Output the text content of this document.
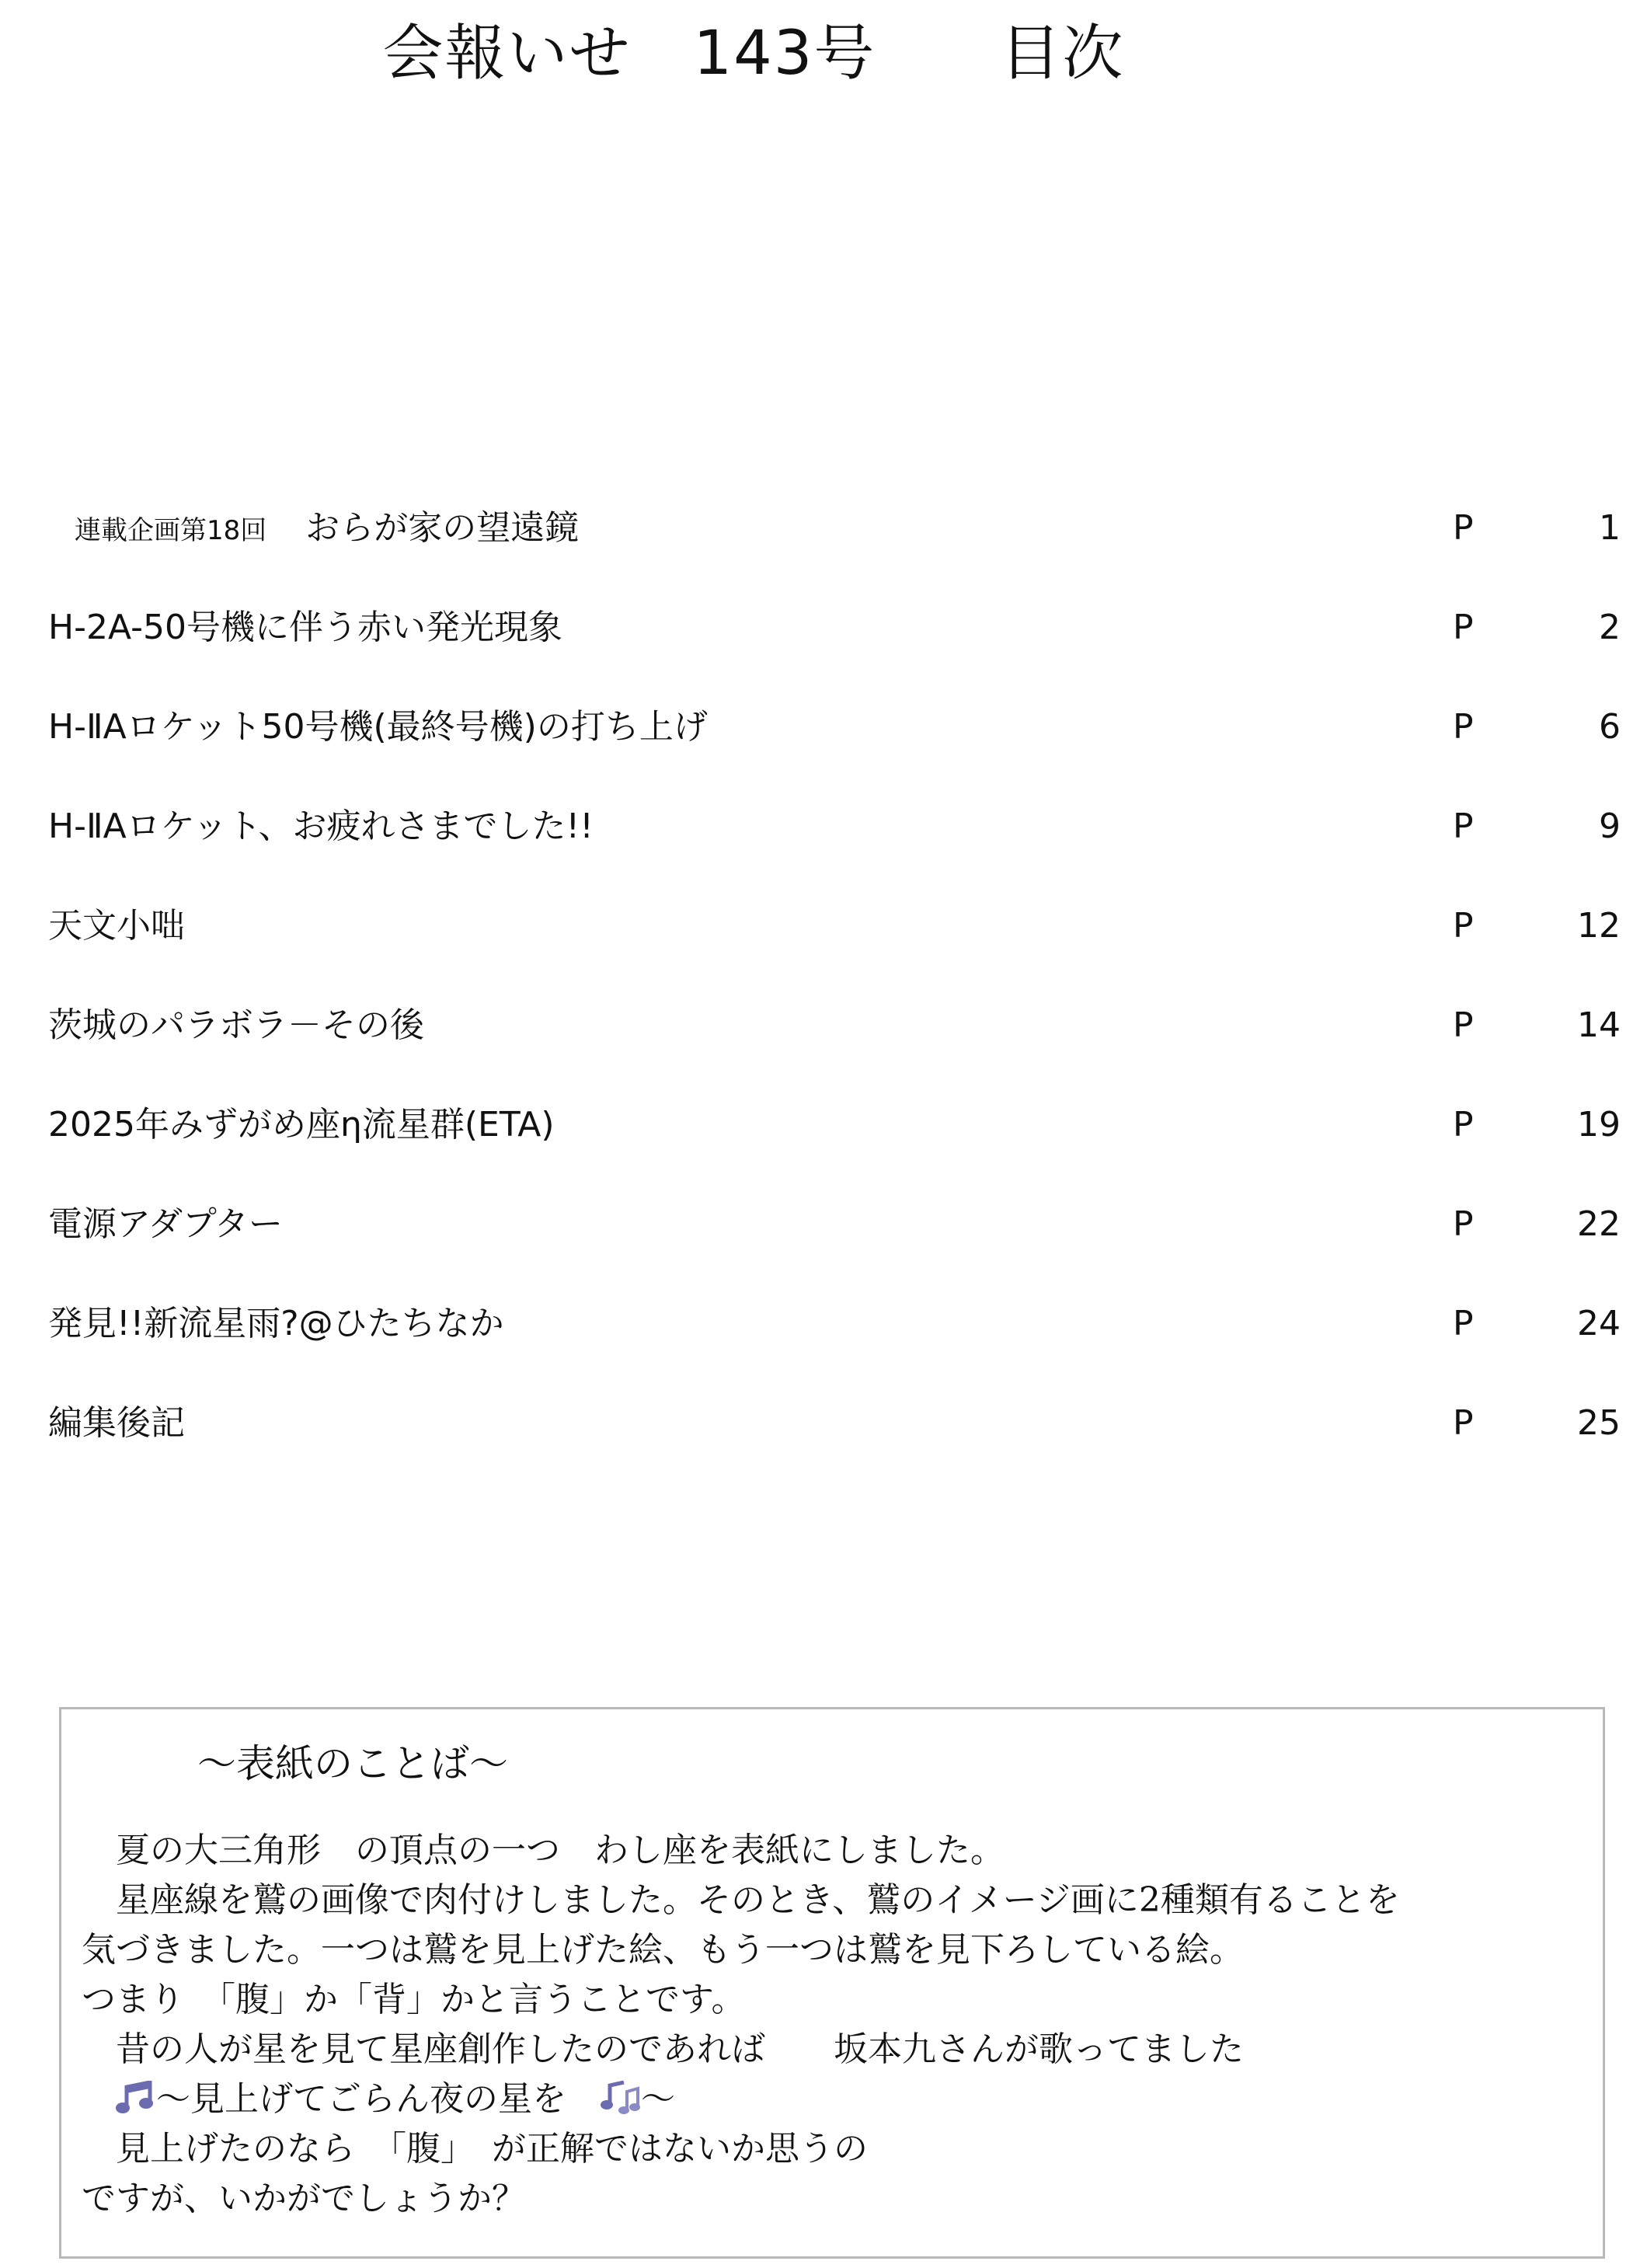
会報いせ　143号　　目次
連載企画第18回 おらが家の望遠鏡	P	1
H-2A-50号機に伴う赤い発光現象	P	2
H-ⅡAロケット50号機(最終号機)の打ち上げ	P	6
H-ⅡAロケット、お疲れさまでした!!	P	9
天文小咄	P	12
茨城のパラボラ－その後	P	14
2025年みずがめ座η流星群(ETA)	P	19
電源アダプター	P	22
発見!!新流星雨?@ひたちなか	P	24
編集後記	P	25
～表紙のことば～
　夏の大三角形　の頂点の一つ　わし座を表紙にしました。
　星座線を鷲の画像で肉付けしました。そのとき、鷲のイメージ画に2種類有ることを
気づきました。一つは鷲を見上げた絵、もう一つは鷲を見下ろしている絵。
つまり　「腹」か「背」かと言うことです。
　昔の人が星を見て星座創作したのであれば　　坂本九さんが歌ってました
　～見上げてごらん夜の星を　～
　見上げたのなら　「腹」　が正解ではないか思うの
ですが、いかがでしょうか？
